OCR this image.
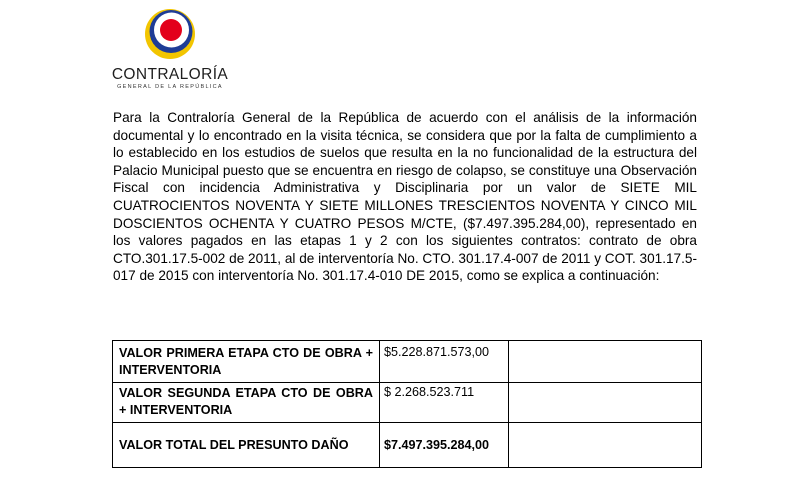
CONTRALORÍA
GENERAL DE LA REPÚBLICA
Para la Contraloría General de la República de acuerdo con el análisis de la información documental y lo encontrado en la visita técnica, se considera que por la falta de cumplimiento a lo establecido en los estudios de suelos que resulta en la no funcionalidad de la estructura del Palacio Municipal puesto que se encuentra en riesgo de colapso, se constituye una Observación Fiscal con incidencia Administrativa y Disciplinaria por un valor de SIETE MIL CUATROCIENTOS NOVENTA Y SIETE MILLONES TRESCIENTOS NOVENTA Y CINCO MIL DOSCIENTOS OCHENTA Y CUATRO PESOS M/CTE, ($7.497.395.284,00), representado en los valores pagados en las etapas 1 y 2 con los siguientes contratos: contrato de obra CTO.301.17.5-002 de 2011, al de interventoría No. CTO. 301.17.4-007 de 2011 y COT. 301.17.5-017 de 2015 con interventoría No. 301.17.4-010 DE 2015, como se explica a continuación:
VALOR PRIMERA ETAPA CTO DE OBRA + INTERVENTORIA	$5.228.871.573,00	
VALOR SEGUNDA ETAPA CTO DE OBRA + INTERVENTORIA	$ 2.268.523.711	
VALOR TOTAL DEL PRESUNTO DAÑO	$7.497.395.284,00	
